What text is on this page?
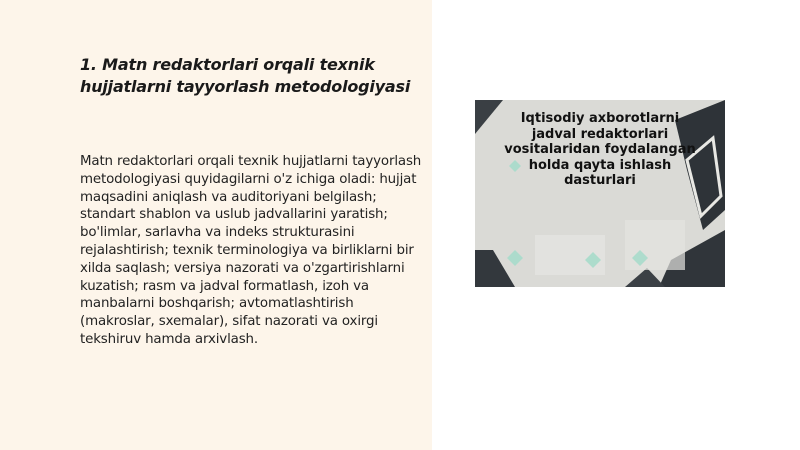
1. Matn redaktorlari orqali texnik hujjatlarni tayyorlash metodologiyasi
Matn redaktorlari orqali texnik hujjatlarni tayyorlash metodologiyasi quyidagilarni o'z ichiga oladi: hujjat maqsadini aniqlash va auditoriyani belgilash; standart shablon va uslub jadvallarini yaratish; bo'limlar, sarlavha va indeks strukturasini rejalashtirish; texnik terminologiya va birliklarni bir xilda saqlash; versiya nazorati va o'zgartirishlarni kuzatish; rasm va jadval formatlash, izoh va manbalarni boshqarish; avtomatlashtirish (makroslar, sxemalar), sifat nazorati va oxirgi tekshiruv hamda arxivlash.
Iqtisodiy axborotlarni jadval redaktorlari vositalaridan foydalangan holda qayta ishlash dasturlari
